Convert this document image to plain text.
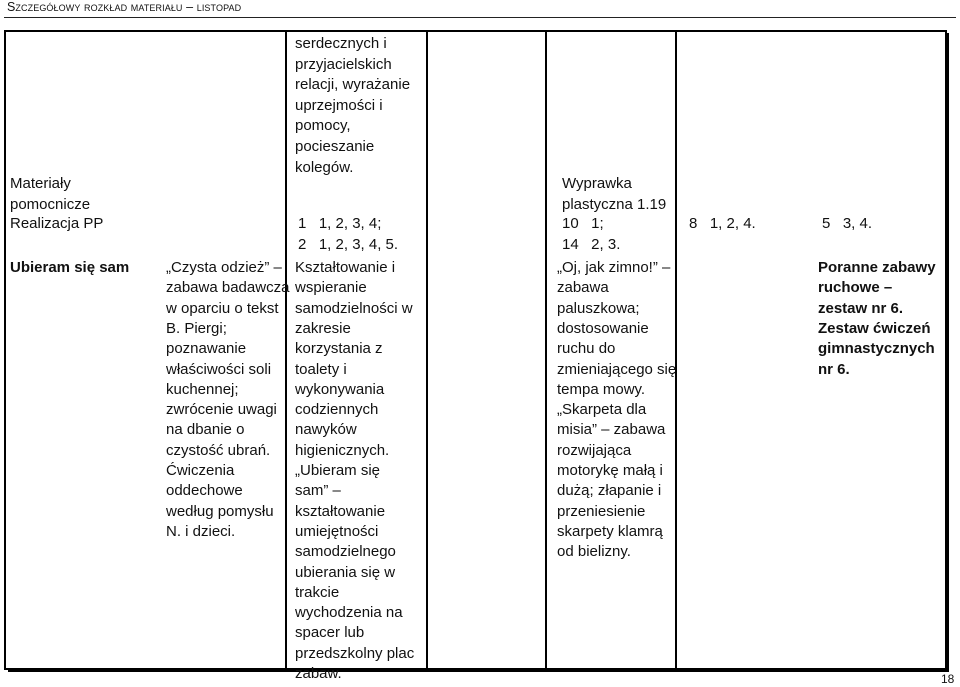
Szczegółowy rozkład materiału – listopad
serdecznych i
przyjacielskich
relacji, wyrażanie
uprzejmości i
pomocy,
pocieszanie
kolegów.
Materiały
pomocnicze
Wyprawka
plastyczna 1.19
Realizacja PP	1   1, 2, 3, 4;
2   1, 2, 3, 4, 5.
10   1;
14   2, 3.
8   1, 2, 4.	5   3, 4.
Ubieram się sam „Czysta odzież” –
zabawa badawcza
w oparciu o tekst
B. Piergi;
poznawanie
właściwości soli
kuchennej;
zwrócenie uwagi
na dbanie o
czystość ubrań.
Ćwiczenia
oddechowe
według pomysłu
N. i dzieci.
Kształtowanie i
wspieranie
samodzielności w
zakresie
korzystania z
toalety i
wykonywania
codziennych
nawyków
higienicznych.
„Ubieram się
sam” –
kształtowanie
umiejętności
samodzielnego
ubierania się w
trakcie
wychodzenia na
spacer lub
przedszkolny plac
zabaw.
„Oj, jak zimno!” –
zabawa
paluszkowa;
dostosowanie
ruchu do
zmieniającego się
tempa mowy.
„Skarpeta dla
misia” – zabawa
rozwijająca
motorykę małą i
dużą; złapanie i
przeniesienie
skarpety klamrą
od bielizny.
Poranne zabawy
ruchowe –
zestaw nr 6.
Zestaw ćwiczeń
gimnastycznych
nr 6.
18
